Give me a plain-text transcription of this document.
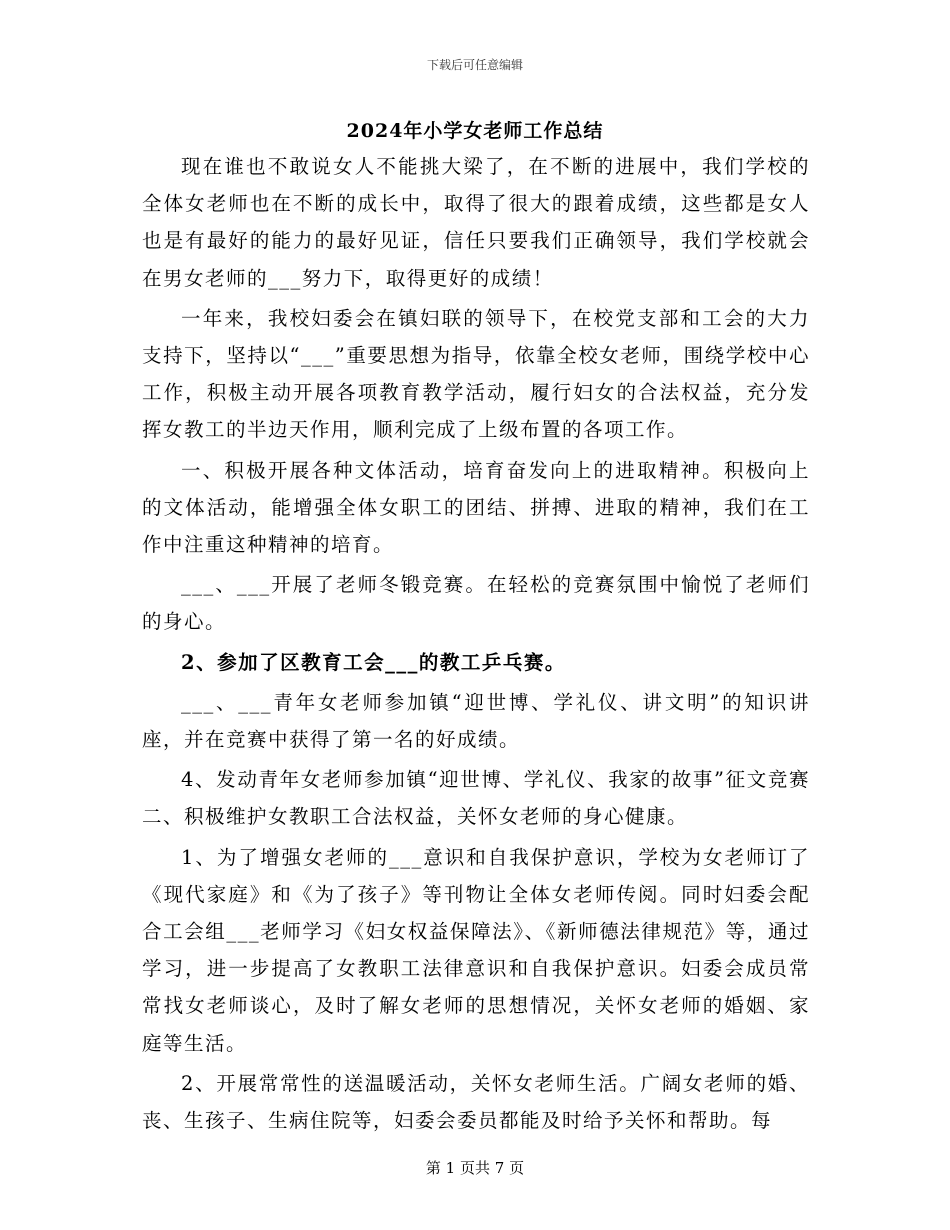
下载后可任意编辑
2024年小学女老师工作总结

现在谁也不敢说女人不能挑大梁了，在不断的进展中，我们学校的全体女老师也在不断的成长中，取得了很大的跟着成绩，这些都是女人也是有最好的能力的最好见证，信任只要我们正确领导，我们学校就会在男女老师的___努力下，取得更好的成绩！

一年来，我校妇委会在镇妇联的领导下，在校党支部和工会的大力支持下，坚持以“___”重要思想为指导，依靠全校女老师，围绕学校中心工作，积极主动开展各项教育教学活动，履行妇女的合法权益，充分发挥女教工的半边天作用，顺利完成了上级布置的各项工作。

一、积极开展各种文体活动，培育奋发向上的进取精神。积极向上的文体活动，能增强全体女职工的团结、拼搏、进取的精神，我们在工作中注重这种精神的培育。

___、___开展了老师冬锻竞赛。在轻松的竞赛氛围中愉悦了老师们的身心。

2、参加了区教育工会___的教工乒乓赛。

___、___青年女老师参加镇“迎世博、学礼仪、讲文明”的知识讲座，并在竞赛中获得了第一名的好成绩。

4、发动青年女老师参加镇“迎世博、学礼仪、我家的故事”征文竞赛二、积极维护女教职工合法权益，关怀女老师的身心健康。

1、为了增强女老师的___意识和自我保护意识，学校为女老师订了《现代家庭》和《为了孩子》等刊物让全体女老师传阅。同时妇委会配合工会组___老师学习《妇女权益保障法》、《新师德法律规范》等，通过学习，进一步提高了女教职工法律意识和自我保护意识。妇委会成员常常找女老师谈心，及时了解女老师的思想情况，关怀女老师的婚姻、家庭等生活。

2、开展常常性的送温暖活动，关怀女老师生活。广阔女老师的婚、丧、生孩子、生病住院等，妇委会委员都能及时给予关怀和帮助。每

第 1 页共 7 页
